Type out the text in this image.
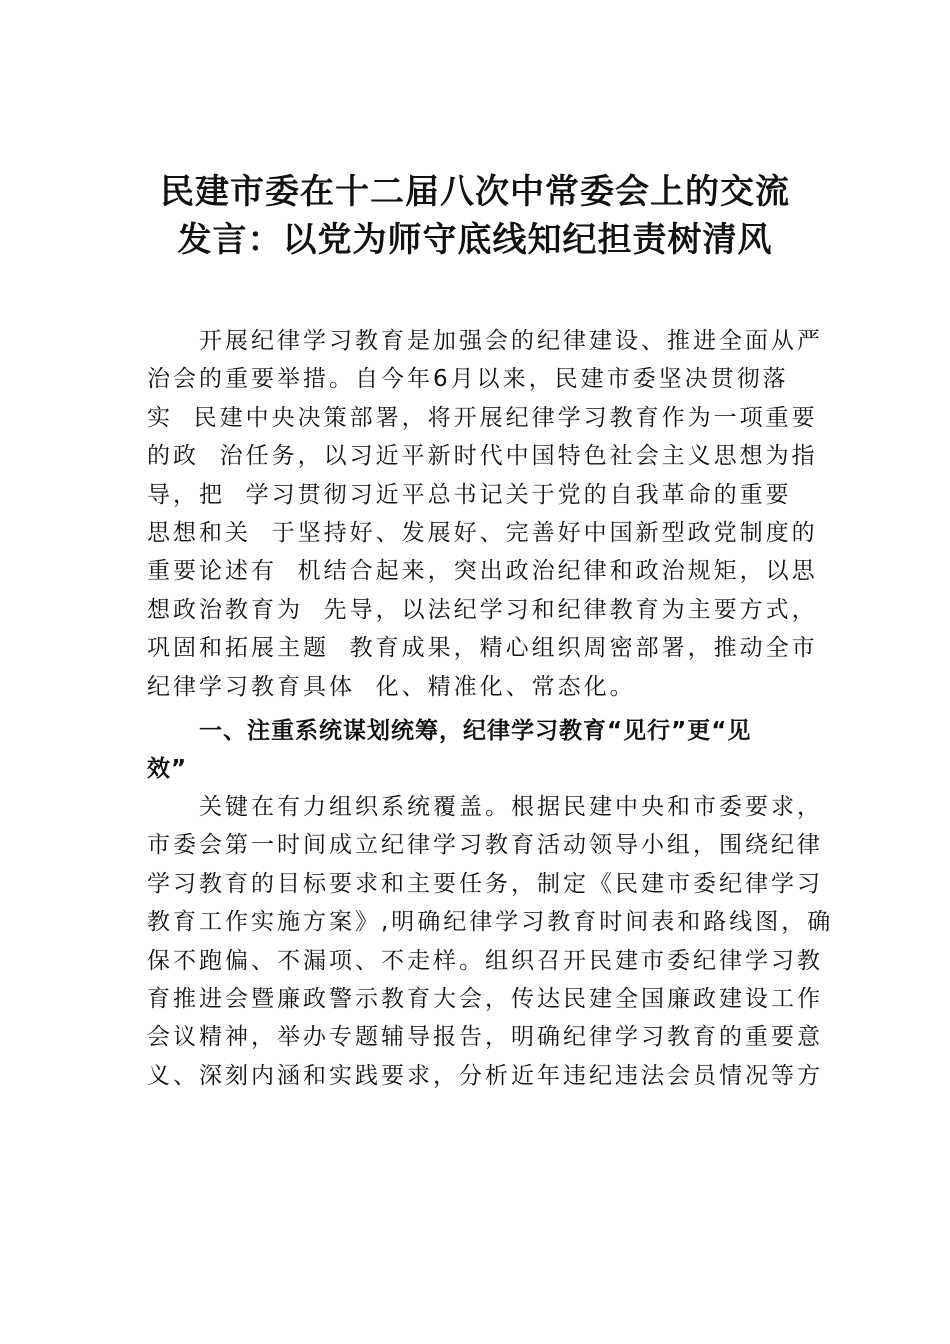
民建市委在十二届八次中常委会上的交流
发言：以党为师守底线知纪担责树清风
开展纪律学习教育是加强会的纪律建设、推进全面从严
治会的重要举措。自今年6月以来，民建市委坚决贯彻落
实  民建中央决策部署，将开展纪律学习教育作为一项重要
的政  治任务，以习近平新时代中国特色社会主义思想为指
导，把  学习贯彻习近平总书记关于党的自我革命的重要
思想和关  于坚持好、发展好、完善好中国新型政党制度的
重要论述有  机结合起来，突出政治纪律和政治规矩，以思
想政治教育为  先导，以法纪学习和纪律教育为主要方式，
巩固和拓展主题  教育成果，精心组织周密部署，推动全市
纪律学习教育具体  化、精准化、常态化。
一、注重系统谋划统筹，纪律学习教育“见行”更“见
效”
关键在有力组织系统覆盖。根据民建中央和市委要求，
市委会第一时间成立纪律学习教育活动领导小组，围绕纪律
学习教育的目标要求和主要任务，制定《民建市委纪律学习
教育工作实施方案》,明确纪律学习教育时间表和路线图，确
保不跑偏、不漏项、不走样。组织召开民建市委纪律学习教
育推进会暨廉政警示教育大会，传达民建全国廉政建设工作
会议精神，举办专题辅导报告，明确纪律学习教育的重要意
义、深刻内涵和实践要求，分析近年违纪违法会员情况等方
